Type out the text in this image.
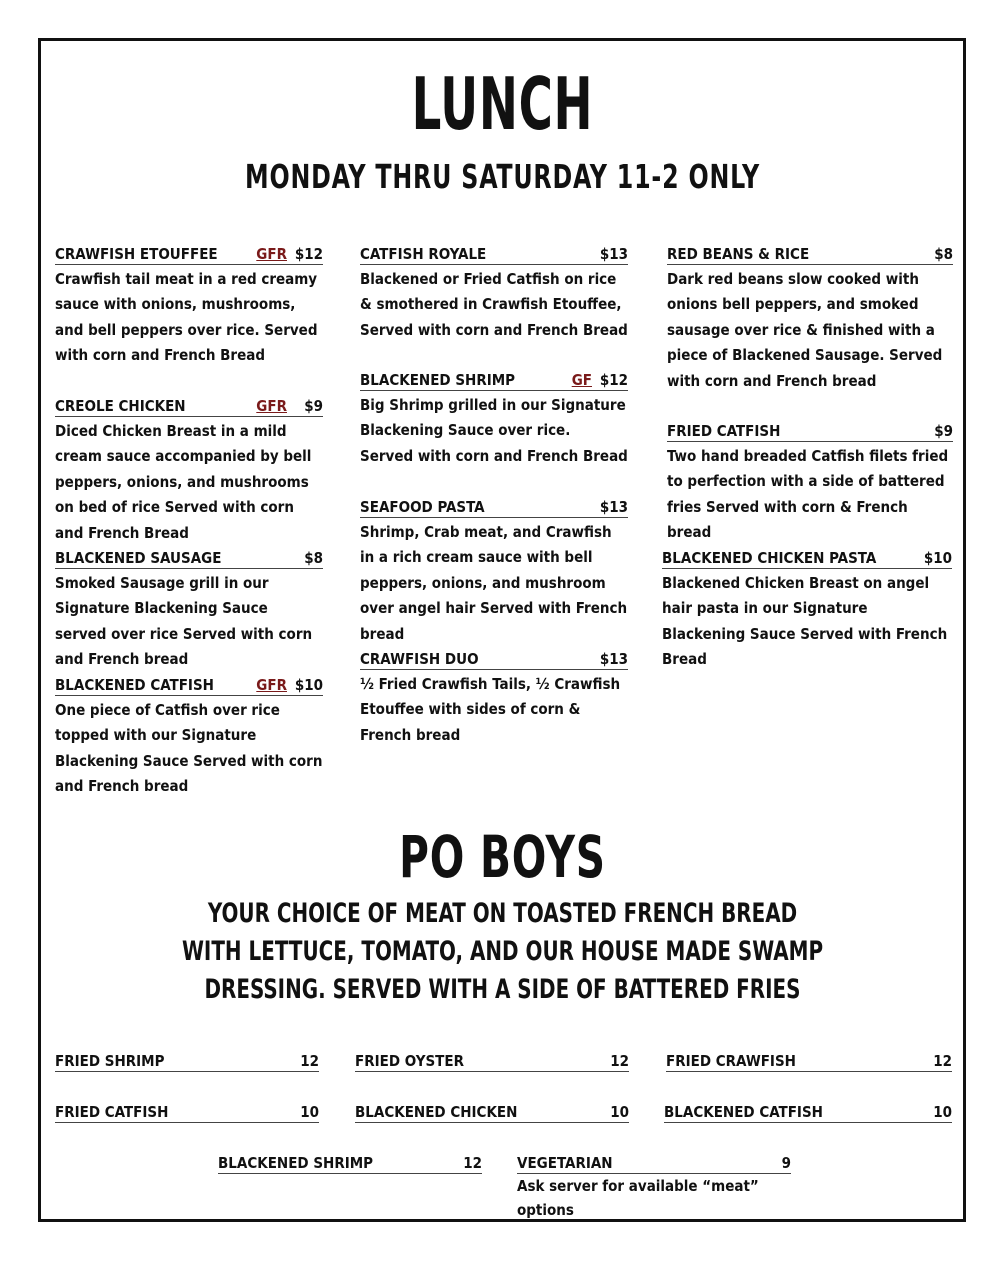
LUNCH
MONDAY THRU SATURDAY 11-2 ONLY
CRAWFISH ETOUFFEE	GFR $12
Crawfish tail meat in a red creamy sauce with onions, mushrooms, and bell peppers over rice. Served with corn and French Bread
CREOLE CHICKEN	GFR $9
Diced Chicken Breast in a mild cream sauce accompanied by bell peppers, onions, and mushrooms on bed of rice Served with corn and French Bread
BLACKENED SAUSAGE	$8
Smoked Sausage grill in our Signature Blackening Sauce served over rice Served with corn and French bread
BLACKENED CATFISH	GFR $10
One piece of Catfish over rice topped with our Signature Blackening Sauce Served with corn and French bread
CATFISH ROYALE	$13
Blackened or Fried Catfish on rice & smothered in Crawfish Etouffee, Served with corn and French Bread
BLACKENED SHRIMP	GF $12
Big Shrimp grilled in our Signature Blackening Sauce over rice. Served with corn and French Bread
SEAFOOD PASTA	$13
Shrimp, Crab meat, and Crawfish in a rich cream sauce with bell peppers, onions, and mushroom over angel hair Served with French bread
CRAWFISH DUO	$13
½ Fried Crawfish Tails, ½ Crawfish Etouffee with sides of corn & French bread
RED BEANS & RICE	$8
Dark red beans slow cooked with onions bell peppers, and smoked sausage over rice & finished with a piece of Blackened Sausage. Served with corn and French bread
FRIED CATFISH	$9
Two hand breaded Catfish filets fried to perfection with a side of battered fries Served with corn & French bread
BLACKENED CHICKEN PASTA	$10
Blackened Chicken Breast on angel hair pasta in our Signature Blackening Sauce Served with French Bread
PO BOYS
YOUR CHOICE OF MEAT ON TOASTED FRENCH BREAD
WITH LETTUCE, TOMATO, AND OUR HOUSE MADE SWAMP
DRESSING. SERVED WITH A SIDE OF BATTERED FRIES
FRIED SHRIMP	12 FRIED OYSTER	12 FRIED CRAWFISH	12
FRIED CATFISH	10 BLACKENED CHICKEN	10 BLACKENED CATFISH	10
BLACKENED SHRIMP	12 VEGETARIAN	9
Ask server for available “meat” options
